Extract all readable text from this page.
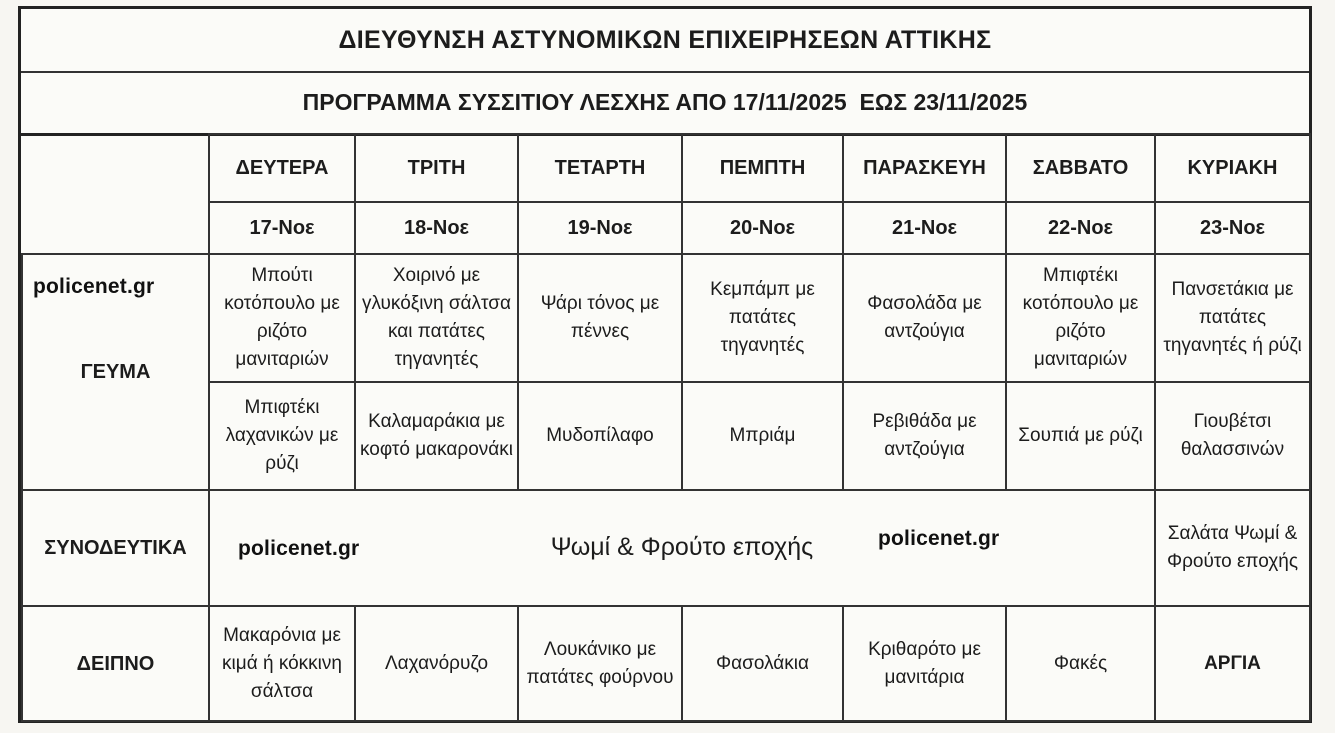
ΔΙΕΥΘΥΝΣΗ ΑΣΤΥΝΟΜΙΚΩΝ ΕΠΙΧΕΙΡΗΣΕΩΝ ΑΤΤΙΚΗΣ
ΠΡΟΓΡΑΜΜΑ ΣΥΣΣΙΤΙΟΥ ΛΕΣΧΗΣ ΑΠΟ 17/11/2025  ΕΩΣ 23/11/2025
	ΔΕΥΤΕΡΑ	ΤΡΙΤΗ	ΤΕΤΑΡΤΗ	ΠΕΜΠΤΗ	ΠΑΡΑΣΚΕΥΗ	ΣΑΒΒΑΤΟ	ΚΥΡΙΑΚΗ
	17-Νοε	18-Νοε	19-Νοε	20-Νοε	21-Νοε	22-Νοε	23-Νοε

policenet.gr
ΓΕΥΜΑ	Μπούτι κοτόπουλο με ριζότο μανιταριών	Χοιρινό με γλυκόξινη σάλτσα και πατάτες τηγανητές	Ψάρι τόνος με πέννες	Κεμπάμπ με πατάτες τηγανητές	Φασολάδα με αντζούγια	Μπιφτέκι κοτόπουλο με ριζότο μανιταριών	Πανσετάκια με πατάτες τηγανητές ή ρύζι
	Μπιφτέκι λαχανικών με ρύζι	Καλαμαράκια με κοφτό μακαρονάκι	Μυδοπίλαφο	Μπριάμ	Ρεβιθάδα με αντζούγια	Σουπιά με ρύζι	Γιουβέτσι θαλασσινών
ΣΥΝΟΔΕΥΤΙΚΑ	policenet.gr Ψωμί & Φρούτο εποχής policenet.gr						Σαλάτα Ψωμί & Φρούτο εποχής
ΔΕΙΠΝΟ	Μακαρόνια με κιμά ή κόκκινη σάλτσα	Λαχανόρυζο	Λουκάνικο με πατάτες φούρνου	Φασολάκια	Κριθαρότο με μανιτάρια	Φακές	ΑΡΓΙΑ
